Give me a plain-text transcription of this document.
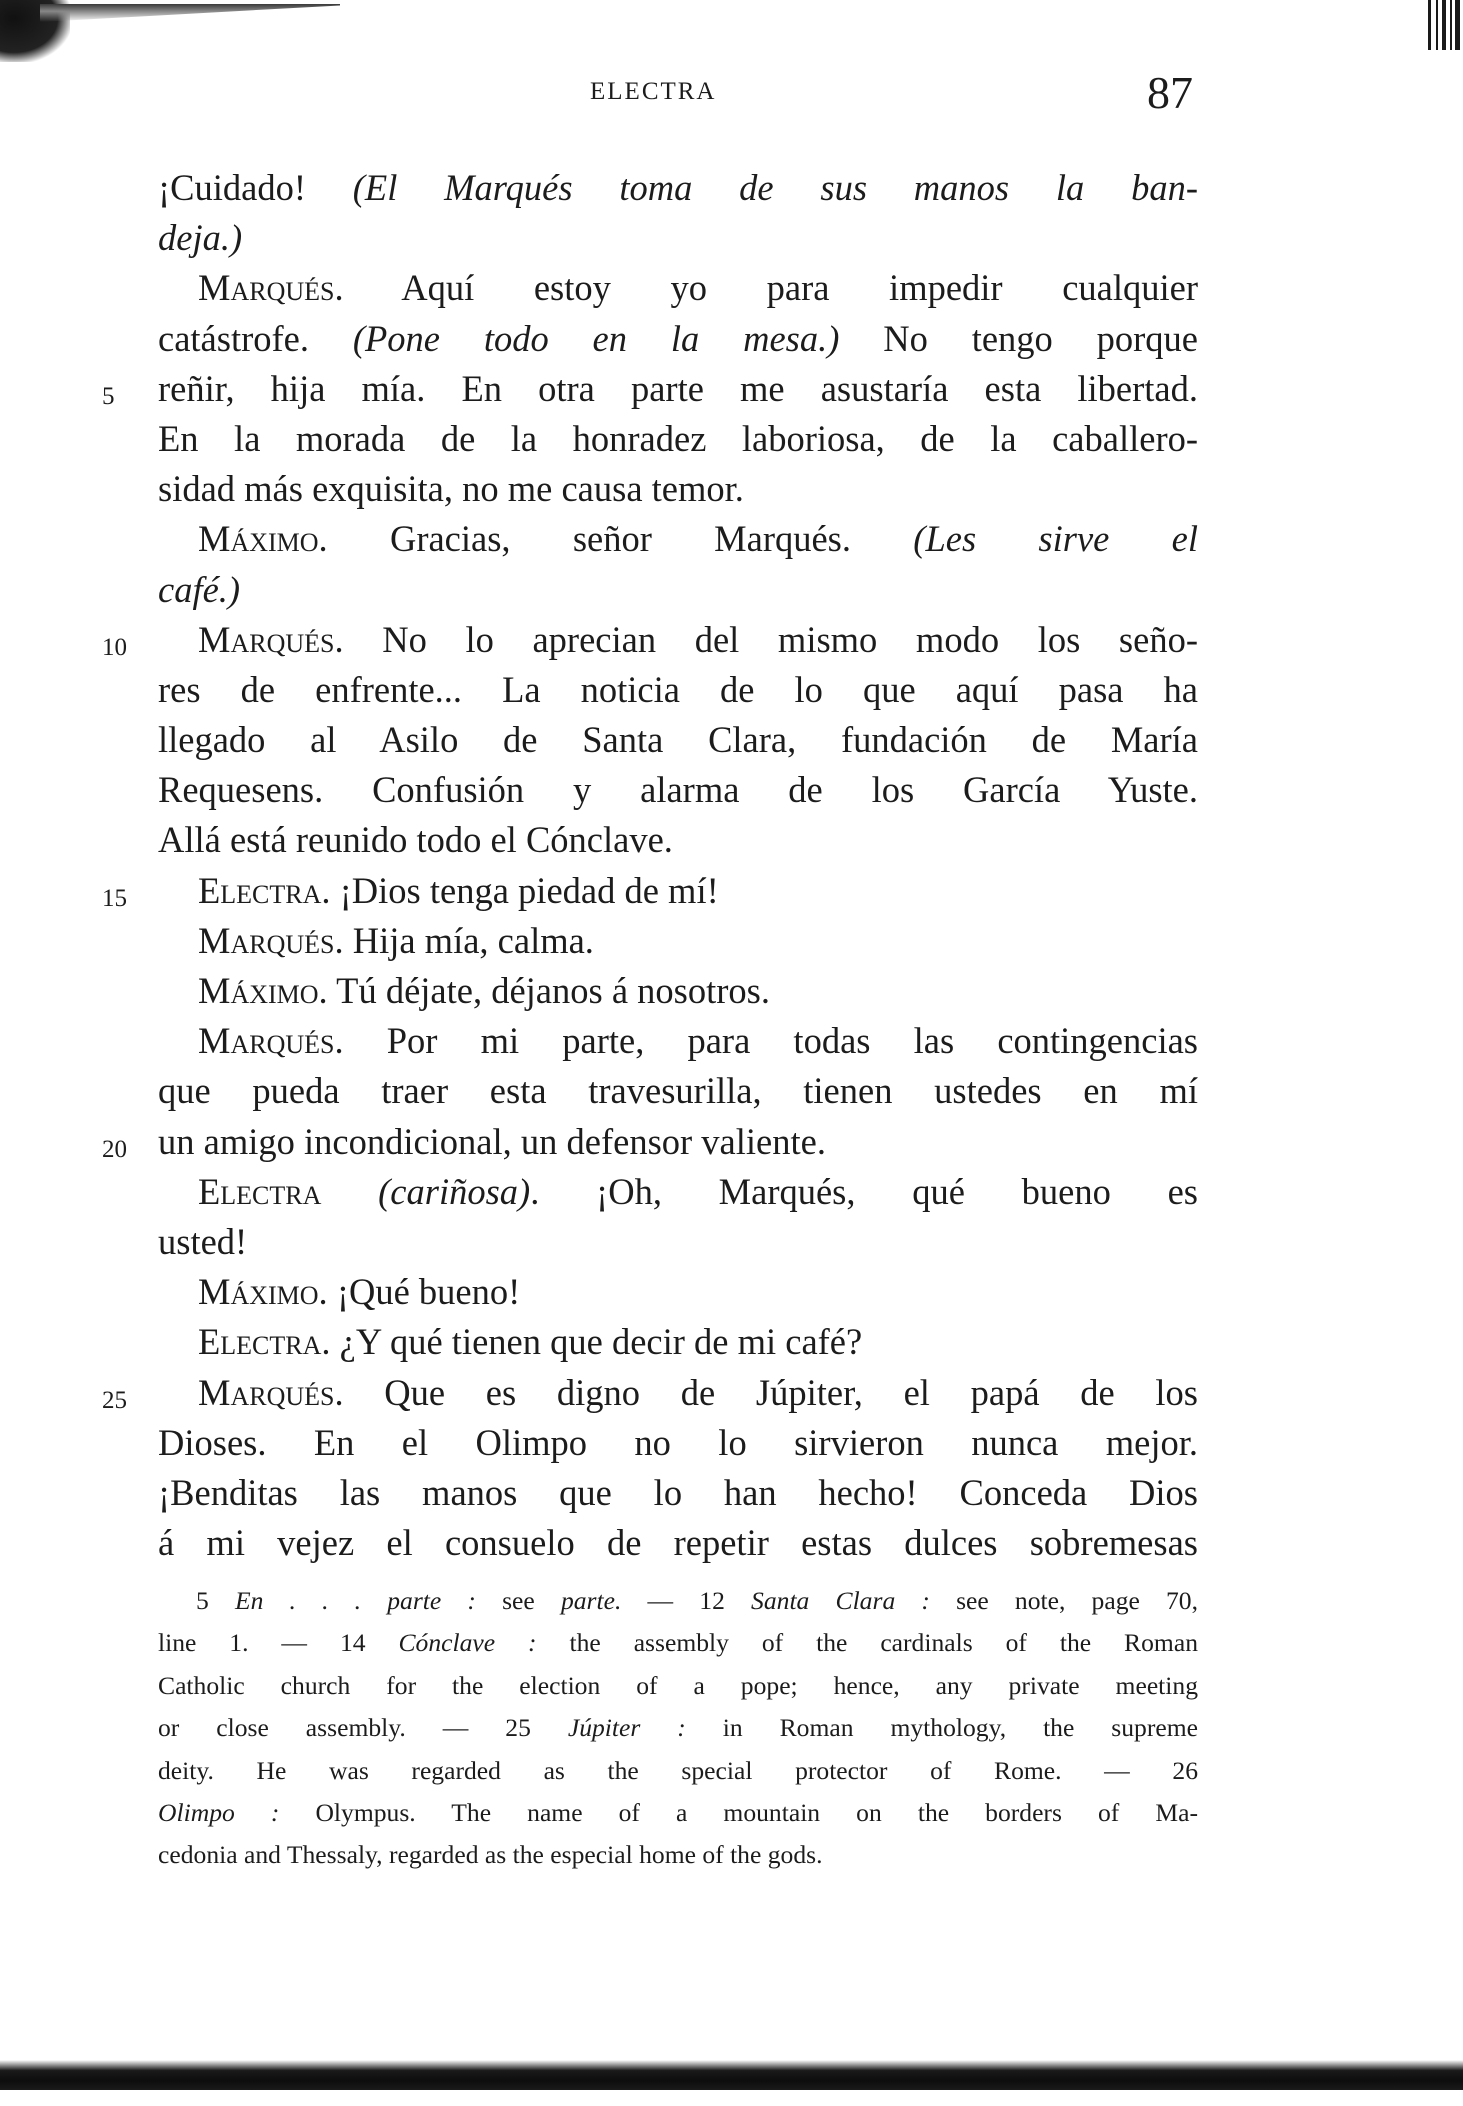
ELECTRA	87
¡Cuidado! (El Marqués toma de sus manos la ban-
deja.)
Marqués. Aquí estoy yo para impedir cualquier
catástrofe. (Pone todo en la mesa.) No tengo porque
5 reñir, hija mía. En otra parte me asustaría esta libertad.
En la morada de la honradez laboriosa, de la caballero-
sidad más exquisita, no me causa temor.
Máximo. Gracias, señor Marqués. (Les sirve el
café.)
10 Marqués. No lo aprecian del mismo modo los seño-
res de enfrente... La noticia de lo que aquí pasa ha
llegado al Asilo de Santa Clara, fundación de María
Requesens. Confusión y alarma de los García Yuste.
Allá está reunido todo el Cónclave.
15 Electra. ¡Dios tenga piedad de mí!
Marqués. Hija mía, calma.
Máximo. Tú déjate, déjanos á nosotros.
Marqués. Por mi parte, para todas las contingencias
que pueda traer esta travesurilla, tienen ustedes en mí
20 un amigo incondicional, un defensor valiente.
Electra (cariñosa). ¡Oh, Marqués, qué bueno es
usted!
Máximo. ¡Qué bueno!
Electra. ¿Y qué tienen que decir de mi café?
25 Marqués. Que es digno de Júpiter, el papá de los
Dioses. En el Olimpo no lo sirvieron nunca mejor.
¡Benditas las manos que lo han hecho! Conceda Dios
á mi vejez el consuelo de repetir estas dulces sobremesas
5 En . . . parte : see parte. — 12 Santa Clara : see note, page 70,
line 1. — 14 Cónclave : the assembly of the cardinals of the Roman
Catholic church for the election of a pope; hence, any private meeting
or close assembly. — 25 Júpiter : in Roman mythology, the supreme
deity. He was regarded as the special protector of Rome. — 26
Olimpo : Olympus. The name of a mountain on the borders of Ma-
cedonia and Thessaly, regarded as the especial home of the gods.
